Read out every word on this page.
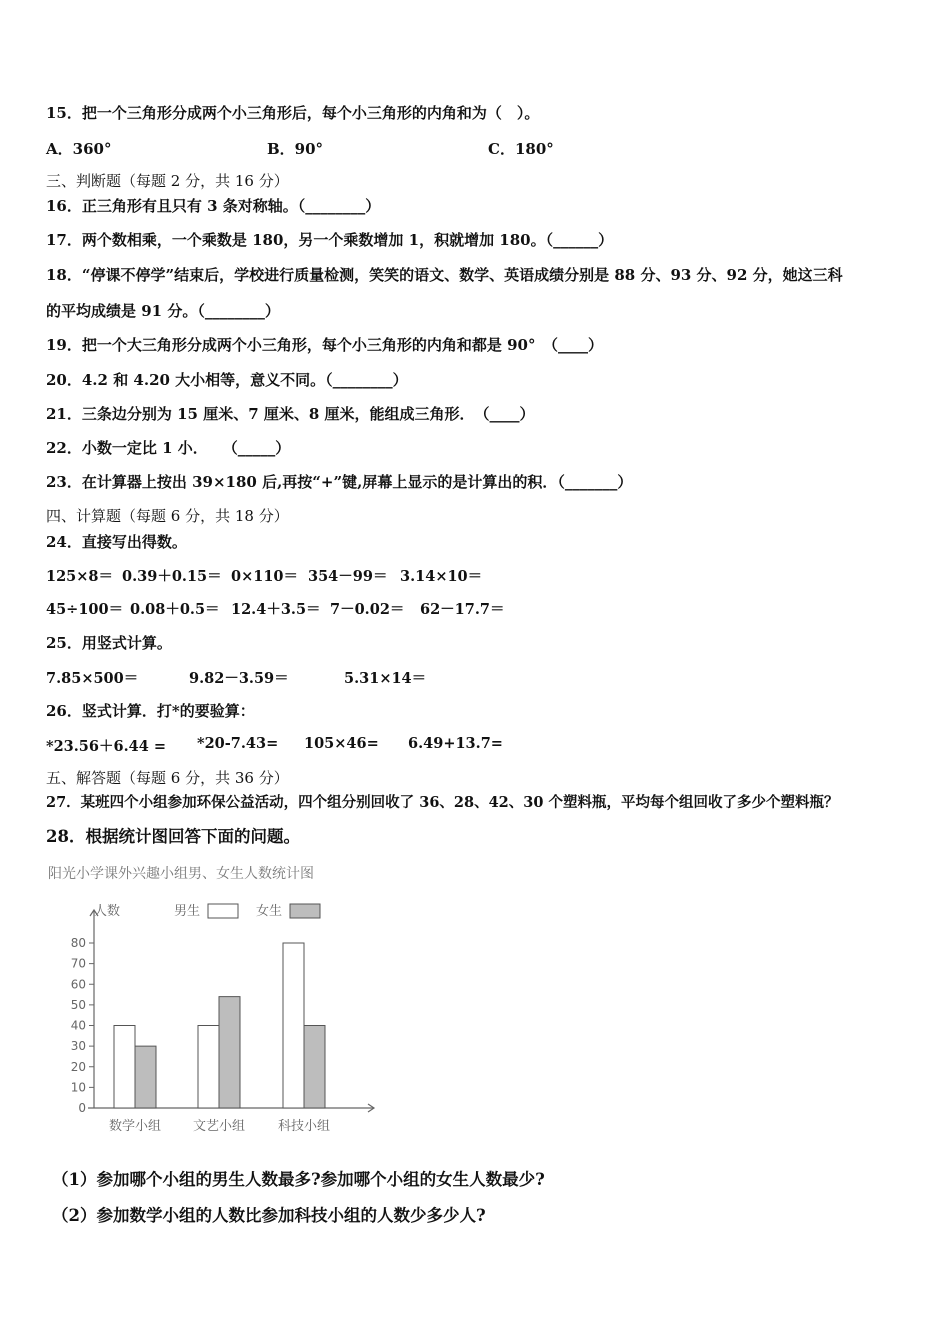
15．把一个三角形分成两个小三角形后，每个小三角形的内角和为（　）。
A．360°	B．90°	C．180°
三、判断题（每题 2 分，共 16 分）
16．正三角形有且只有 3 条对称轴。（________）
17．两个数相乘，一个乘数是 180，另一个乘数增加 1，积就增加 180。（______）
18．“停课不停学”结束后，学校进行质量检测，笑笑的语文、数学、英语成绩分别是 88 分、93 分、92 分，她这三科
的平均成绩是 91 分。（________）
19．把一个大三角形分成两个小三角形，每个小三角形的内角和都是 90°　（____）
20．4.2 和 4.20 大小相等，意义不同。（________）
21．三条边分别为 15 厘米、7 厘米、8 厘米，能组成三角形．　（____）
22．小数一定比 1 小．　　（_____）
23．在计算器上按出 39×180 后,再按“+”键,屏幕上显示的是计算出的积．（_______）
四、计算题（每题 6 分，共 18 分）
24．直接写出得数。
125×8＝ 0.39＋0.15＝ 0×110＝ 354－99＝ 3.14×10＝
45÷100＝ 0.08＋0.5＝ 12.4＋3.5＝ 7－0.02＝ 62－17.7＝
25．用竖式计算。
7.85×500＝	9.82－3.59＝	5.31×14＝
26．竖式计算．打*的要验算：
*23.56＋6.44 = *20-7.43= 105×46= 6.49+13.7=
五、解答题（每题 6 分，共 36 分）
27．某班四个小组参加环保公益活动，四个组分别回收了 36、28、42、30 个塑料瓶，平均每个组回收了多少个塑料瓶？
28．根据统计图回答下面的问题。
阳光小学课外兴趣小组男、女生人数统计图
人数	男生	女生
0
10
20
30
40
50
60
70
80
数学小组 文艺小组	科技小组
（1）参加哪个小组的男生人数最多?参加哪个小组的女生人数最少?
（2）参加数学小组的人数比参加科技小组的人数少多少人?
